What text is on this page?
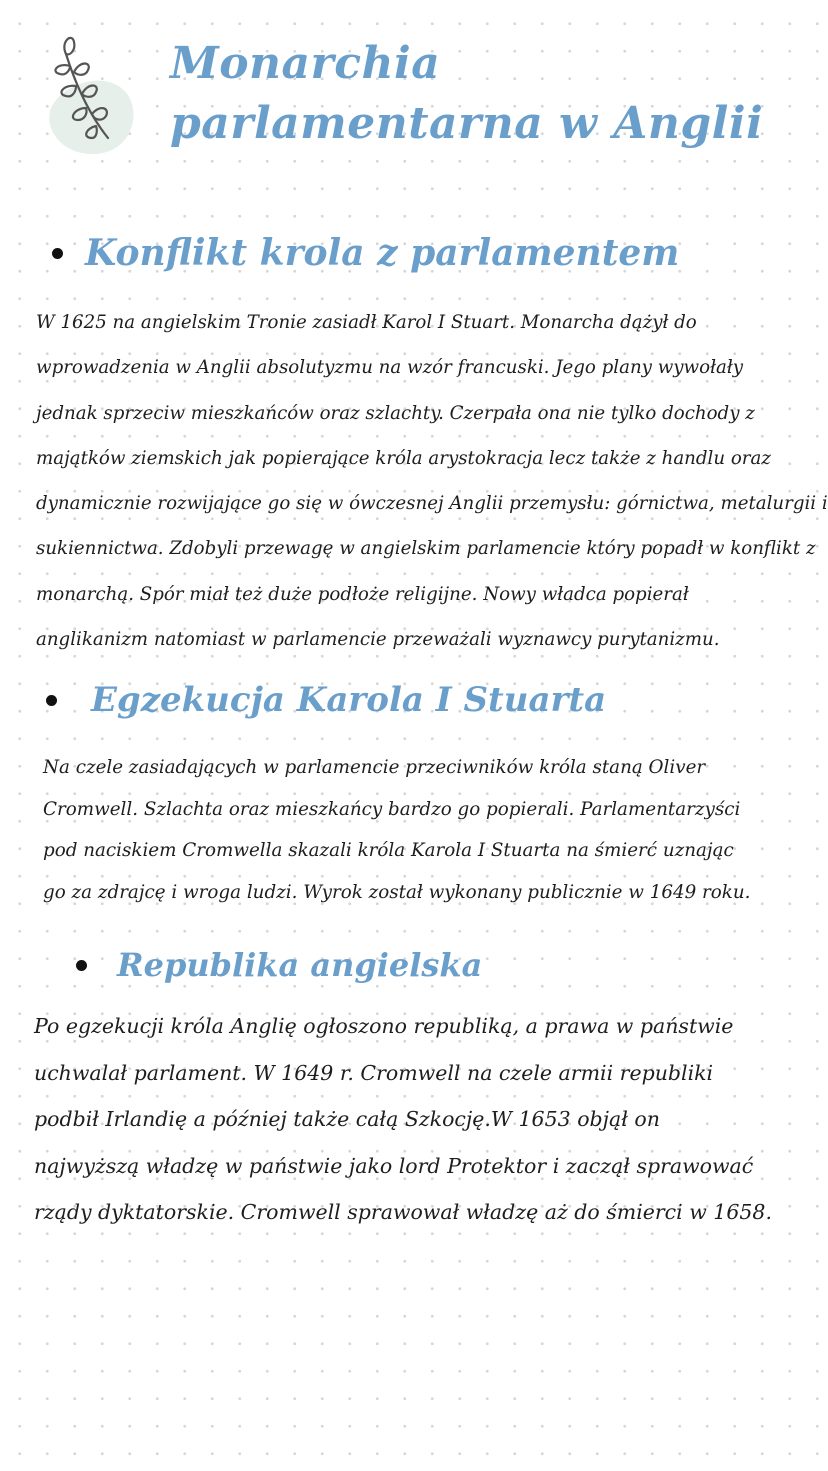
Monarchia
parlamentarna w Anglii
Konflikt krola z parlamentem

W 1625 na angielskim Tronie zasiadł Karol I Stuart. Monarcha dążył do
wprowadzenia w Anglii absolutyzmu na wzór francuski. Jego plany wywołały
jednak sprzeciw mieszkańców oraz szlachty. Czerpała ona nie tylko dochody z
majątków ziemskich jak popierające króla arystokracja lecz także z handlu oraz
dynamicznie rozwijające go się w ówczesnej Anglii przemysłu: górnictwa, metalurgii i
sukiennictwa. Zdobyli przewagę w angielskim parlamencie który popadł w konflikt z
monarchą. Spór miał też duże podłoże religijne. Nowy władca popierał
anglikanizm natomiast w parlamencie przeważali wyznawcy purytanizmu.

Egzekucja Karola I Stuarta

Na czele zasiadających w parlamencie przeciwników króla staną Oliver
Cromwell. Szlachta oraz mieszkańcy bardzo go popierali. Parlamentarzyści
pod naciskiem Cromwella skazali króla Karola I Stuarta na śmierć uznając
go za zdrajcę i wroga ludzi. Wyrok został wykonany publicznie w 1649 roku.

Republika angielska

Po egzekucji króla Anglię ogłoszono republiką, a prawa w państwie
uchwalał parlament. W 1649 r. Cromwell na czele armii republiki
podbił Irlandię a później także całą Szkocję.W 1653 objął on
najwyższą władzę w państwie jako lord Protektor i zaczął sprawować
rządy dyktatorskie. Cromwell sprawował władzę aż do śmierci w 1658.
